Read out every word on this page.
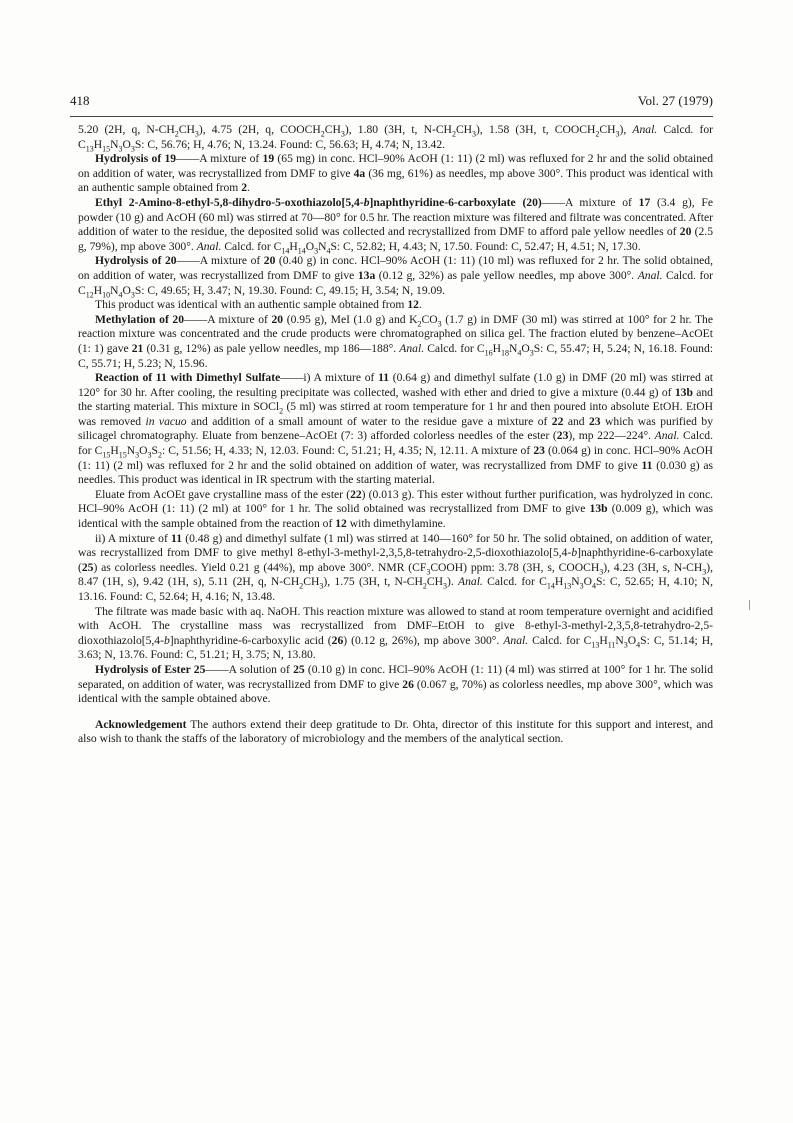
418	Vol. 27 (1979)

5.20 (2H, q, $N-CH_2CH_3$), 4.75 (2H, q, $COOCH_2CH_3$), 1.80 (3H, t, $N-CH_2CH_3$), 1.58 (3H, t, $COOCH_2CH_3$), Anal. Calcd. for $C_{13}H_{15}N_3O_3S$: C, 56.76; H, 4.76; N, 13.24. Found: C, 56.63; H, 4.74; N, 13.42.

Hydrolysis of 19——A mixture of 19 (65 mg) in conc. HCl–90% AcOH (1: 11) (2 ml) was refluxed for 2 hr and the solid obtained on addition of water, was recrystallized from DMF to give 4a (36 mg, 61%) as needles, mp above 300°. This product was identical with an authentic sample obtained from 2.

Ethyl 2-Amino-8-ethyl-5,8-dihydro-5-oxothiazolo[5,4-b]naphthyridine-6-carboxylate (20)——A mixture of 17 (3.4 g), Fe powder (10 g) and AcOH (60 ml) was stirred at 70—80° for 0.5 hr. The reaction mixture was filtered and filtrate was concentrated. After addition of water to the residue, the deposited solid was collected and recrystallized from DMF to afford pale yellow needles of 20 (2.5 g, 79%), mp above 300°. Anal. Calcd. for $C_{14}H_{14}O_3N_4S$: C, 52.82; H, 4.43; N, 17.50. Found: C, 52.47; H, 4.51; N, 17.30.

Hydrolysis of 20——A mixture of 20 (0.40 g) in conc. HCl–90% AcOH (1: 11) (10 ml) was refluxed for 2 hr. The solid obtained, on addition of water, was recrystallized from DMF to give 13a (0.12 g, 32%) as pale yellow needles, mp above 300°. Anal. Calcd. for $C_{12}H_{10}N_4O_3S$: C, 49.65; H, 3.47; N, 19.30. Found: C, 49.15; H, 3.54; N, 19.09.

This product was identical with an authentic sample obtained from 12.

Methylation of 20——A mixture of 20 (0.95 g), MeI (1.0 g) and $K_2CO_3$ (1.7 g) in DMF (30 ml) was stirred at 100° for 2 hr. The reaction mixture was concentrated and the crude products were chromatographed on silica gel. The fraction eluted by benzene–AcOEt (1: 1) gave 21 (0.31 g, 12%) as pale yellow needles, mp 186—188°. Anal. Calcd. for $C_{16}H_{18}N_4O_3S$: C, 55.47; H, 5.24; N, 16.18. Found: C, 55.71; H, 5.23; N, 15.96.

Reaction of 11 with Dimethyl Sulfate——i) A mixture of 11 (0.64 g) and dimethyl sulfate (1.0 g) in DMF (20 ml) was stirred at 120° for 30 hr. After cooling, the resulting precipitate was collected, washed with ether and dried to give a mixture (0.44 g) of 13b and the starting material. This mixture in SOCl$_2$ (5 ml) was stirred at room temperature for 1 hr and then poured into absolute EtOH. EtOH was removed in vacuo and addition of a small amount of water to the residue gave a mixture of 22 and 23 which was purified by silicagel chromatography. Eluate from benzene–AcOEt (7: 3) afforded colorless needles of the ester (23), mp 222—224°. Anal. Calcd. for $C_{15}H_{15}N_3O_3S_2$: C, 51.56; H, 4.33; N, 12.03. Found: C, 51.21; H, 4.35; N, 12.11. A mixture of 23 (0.064 g) in conc. HCl–90% AcOH (1: 11) (2 ml) was refluxed for 2 hr and the solid obtained on addition of water, was recrystallized from DMF to give 11 (0.030 g) as needles. This product was identical in IR spectrum with the starting material.

Eluate from AcOEt gave crystalline mass of the ester (22) (0.013 g). This ester without further purification, was hydrolyzed in conc. HCl–90% AcOH (1: 11) (2 ml) at 100° for 1 hr. The solid obtained was recrystallized from DMF to give 13b (0.009 g), which was identical with the sample obtained from the reaction of 12 with dimethylamine.

ii) A mixture of 11 (0.48 g) and dimethyl sulfate (1 ml) was stirred at 140—160° for 50 hr. The solid obtained, on addition of water, was recrystallized from DMF to give methyl 8-ethyl-3-methyl-2,3,5,8-tetrahydro-2,5-dioxothiazolo[5,4-b]naphthyridine-6-carboxylate (25) as colorless needles. Yield 0.21 g (44%), mp above 300°. NMR $(CF_3COOH)$ ppm: 3.78 (3H, s, $COOCH_3$), 4.23 (3H, s, $N-CH_3$), 8.47 (1H, s), 9.42 (1H, s), 5.11 (2H, q, $N-CH_2CH_3$), 1.75 (3H, t, $N-CH_2CH_3$). Anal. Calcd. for $C_{14}H_{13}N_3O_4S$: C, 52.65; H, 4.10; N, 13.16. Found: C, 52.64; H, 4.16; N, 13.48.

The filtrate was made basic with aq. NaOH. This reaction mixture was allowed to stand at room temperature overnight and acidified with AcOH. The crystalline mass was recrystallized from DMF–EtOH to give 8-ethyl-3-methyl-2,3,5,8-tetrahydro-2,5-dioxothiazolo[5,4-b]naphthyridine-6-carboxylic acid (26) (0.12 g, 26%), mp above 300°. Anal. Calcd. for $C_{13}H_{11}N_3O_4S$: C, 51.14; H, 3.63; N, 13.76. Found: C, 51.21; H, 3.75; N, 13.80.

Hydrolysis of Ester 25——A solution of 25 (0.10 g) in conc. HCl–90% AcOH (1: 11) (4 ml) was stirred at 100° for 1 hr. The solid separated, on addition of water, was recrystallized from DMF to give 26 (0.067 g, 70%) as colorless needles, mp above 300°, which was identical with the sample obtained above.

Acknowledgement The authors extend their deep gratitude to Dr. Ohta, director of this institute for this support and interest, and also wish to thank the staffs of the laboratory of microbiology and the members of the analytical section.
